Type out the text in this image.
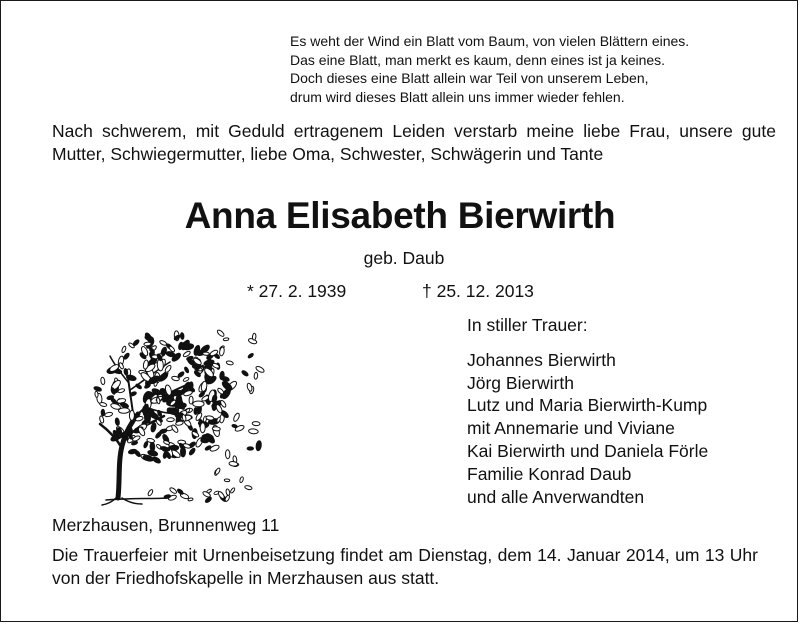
Es weht der Wind ein Blatt vom Baum, von vielen Blättern eines.
Das eine Blatt, man merkt es kaum, denn eines ist ja keines.
Doch dieses eine Blatt allein war Teil von unserem Leben,
drum wird dieses Blatt allein uns immer wieder fehlen.
Nach schwerem, mit Geduld ertragenem Leiden verstarb meine liebe Frau, unsere gute Mutter, Schwiegermutter, liebe Oma, Schwester, Schwägerin und Tante
Anna Elisabeth Bierwirth
geb. Daub
* 27. 2. 1939	† 25. 12. 2013
In stiller Trauer:
Johannes Bierwirth
Jörg Bierwirth
Lutz und Maria Bierwirth-Kump
mit Annemarie und Viviane
Kai Bierwirth und Daniela Förle
Familie Konrad Daub
und alle Anverwandten
Merzhausen, Brunnenweg 11
Die Trauerfeier mit Urnenbeisetzung findet am Dienstag, dem 14. Januar 2014, um 13 Uhr von der Friedhofskapelle in Merzhausen aus statt.
